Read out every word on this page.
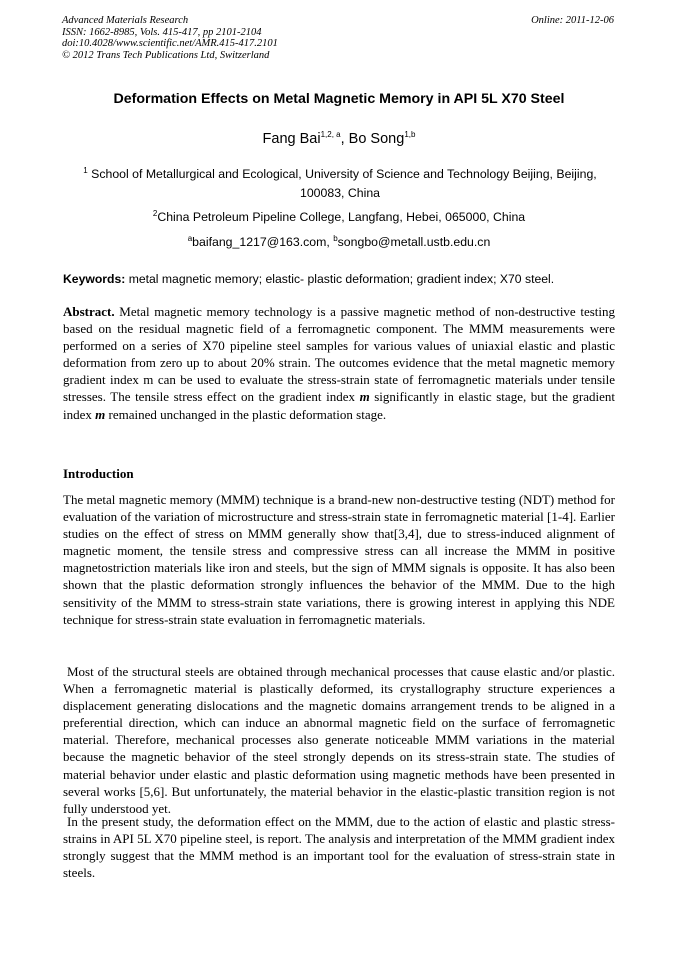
Advanced Materials Research
ISSN: 1662-8985, Vols. 415-417, pp 2101-2104
doi:10.4028/www.scientific.net/AMR.415-417.2101
© 2012 Trans Tech Publications Ltd, Switzerland
Online: 2011-12-06
Deformation Effects on Metal Magnetic Memory in API 5L X70 Steel
Fang Bai$^{1,2, a}$, Bo Song$^{1,b}$
$^1$ School of Metallurgical and Ecological, University of Science and Technology Beijing, Beijing, 100083, China
$^2$China Petroleum Pipeline College, Langfang, Hebei, 065000, China
$^a$baifang_1217@163.com, $^b$songbo@metall.ustb.edu.cn
Keywords: metal magnetic memory; elastic- plastic deformation; gradient index; X70 steel.

Abstract. Metal magnetic memory technology is a passive magnetic method of non-destructive testing based on the residual magnetic field of a ferromagnetic component. The MMM measurements were performed on a series of X70 pipeline steel samples for various values of uniaxial elastic and plastic deformation from zero up to about 20% strain. The outcomes evidence that the metal magnetic memory gradient index m can be used to evaluate the stress-strain state of ferromagnetic materials under tensile stresses. The tensile stress effect on the gradient index m significantly in elastic stage, but the gradient index m remained unchanged in the plastic deformation stage.

Introduction

The metal magnetic memory (MMM) technique is a brand-new non-destructive testing (NDT) method for evaluation of the variation of microstructure and stress-strain state in ferromagnetic material [1-4]. Earlier studies on the effect of stress on MMM generally show that[3,4], due to stress-induced alignment of magnetic moment, the tensile stress and compressive stress can all increase the MMM in positive magnetostriction materials like iron and steels, but the sign of MMM signals is opposite. It has also been shown that the plastic deformation strongly influences the behavior of the MMM. Due to the high sensitivity of the MMM to stress-strain state variations, there is growing interest in applying this NDE technique for stress-strain state evaluation in ferromagnetic materials.

Most of the structural steels are obtained through mechanical processes that cause elastic and/or plastic. When a ferromagnetic material is plastically deformed, its crystallography structure experiences a displacement generating dislocations and the magnetic domains arrangement trends to be aligned in a preferential direction, which can induce an abnormal magnetic field on the surface of ferromagnetic material. Therefore, mechanical processes also generate noticeable MMM variations in the material because the magnetic behavior of the steel strongly depends on its stress-strain state. The studies of material behavior under elastic and plastic deformation using magnetic methods have been presented in several works [5,6]. But unfortunately, the material behavior in the elastic-plastic transition region is not fully understood yet.

In the present study, the deformation effect on the MMM, due to the action of elastic and plastic stress-strains in API 5L X70 pipeline steel, is report. The analysis and interpretation of the MMM gradient index strongly suggest that the MMM method is an important tool for the evaluation of stress-strain state in steels.
